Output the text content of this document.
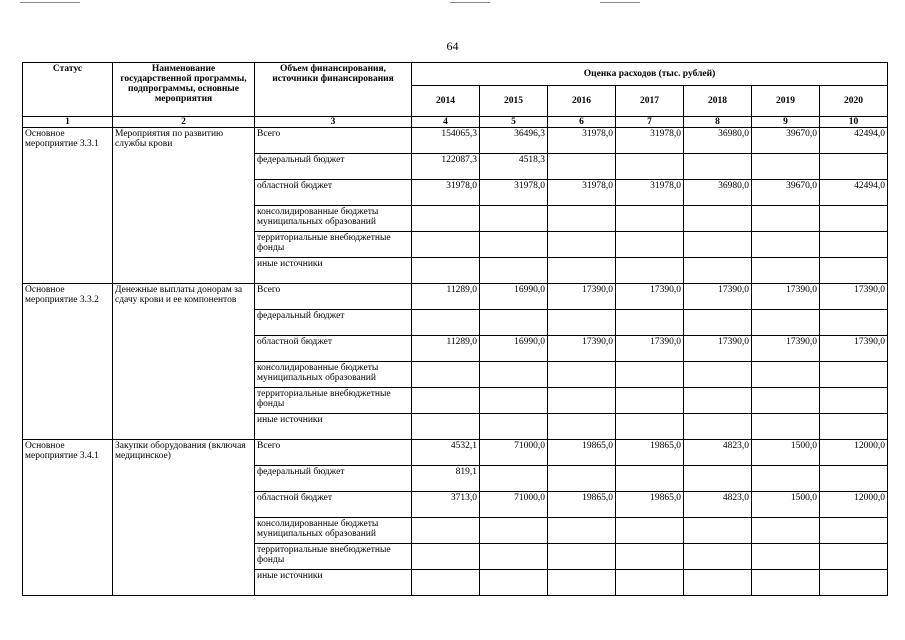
64
Статус	Наименование государственной программы, подпрограммы, основные мероприятия	Объем финансирования, источники финансирования	Оценка расходов (тыс. рублей)						
			2014	2015	2016	2017	2018	2019	2020
1	2	3	4	5	6	7	8	9	10
Основное мероприятие 3.3.1	Мероприятия по развитию службы крови	Всего	154065,3	36496,3	31978,0	31978,0	36980,0	39670,0	42494,0
		федеральный бюджет	122087,3	4518,3					
		областной бюджет	31978,0	31978,0	31978,0	31978,0	36980,0	39670,0	42494,0
		консолидированные бюджеты муниципальных образований							
		территориальные внебюджетные фонды							
		иные источники							
Основное мероприятие 3.3.2	Денежные выплаты донорам за сдачу крови и ее компонентов	Всего	11289,0	16990,0	17390,0	17390,0	17390,0	17390,0	17390,0
		федеральный бюджет							
		областной бюджет	11289,0	16990,0	17390,0	17390,0	17390,0	17390,0	17390,0
		консолидированные бюджеты муниципальных образований							
		территориальные внебюджетные фонды							
		иные источники							
Основное мероприятие 3.4.1	Закупки оборудования (включая медицинское)	Всего	4532,1	71000,0	19865,0	19865,0	4823,0	1500,0	12000,0
		федеральный бюджет	819,1						
		областной бюджет	3713,0	71000,0	19865,0	19865,0	4823,0	1500,0	12000,0
		консолидированные бюджеты муниципальных образований							
		территориальные внебюджетные фонды							
		иные источники							
